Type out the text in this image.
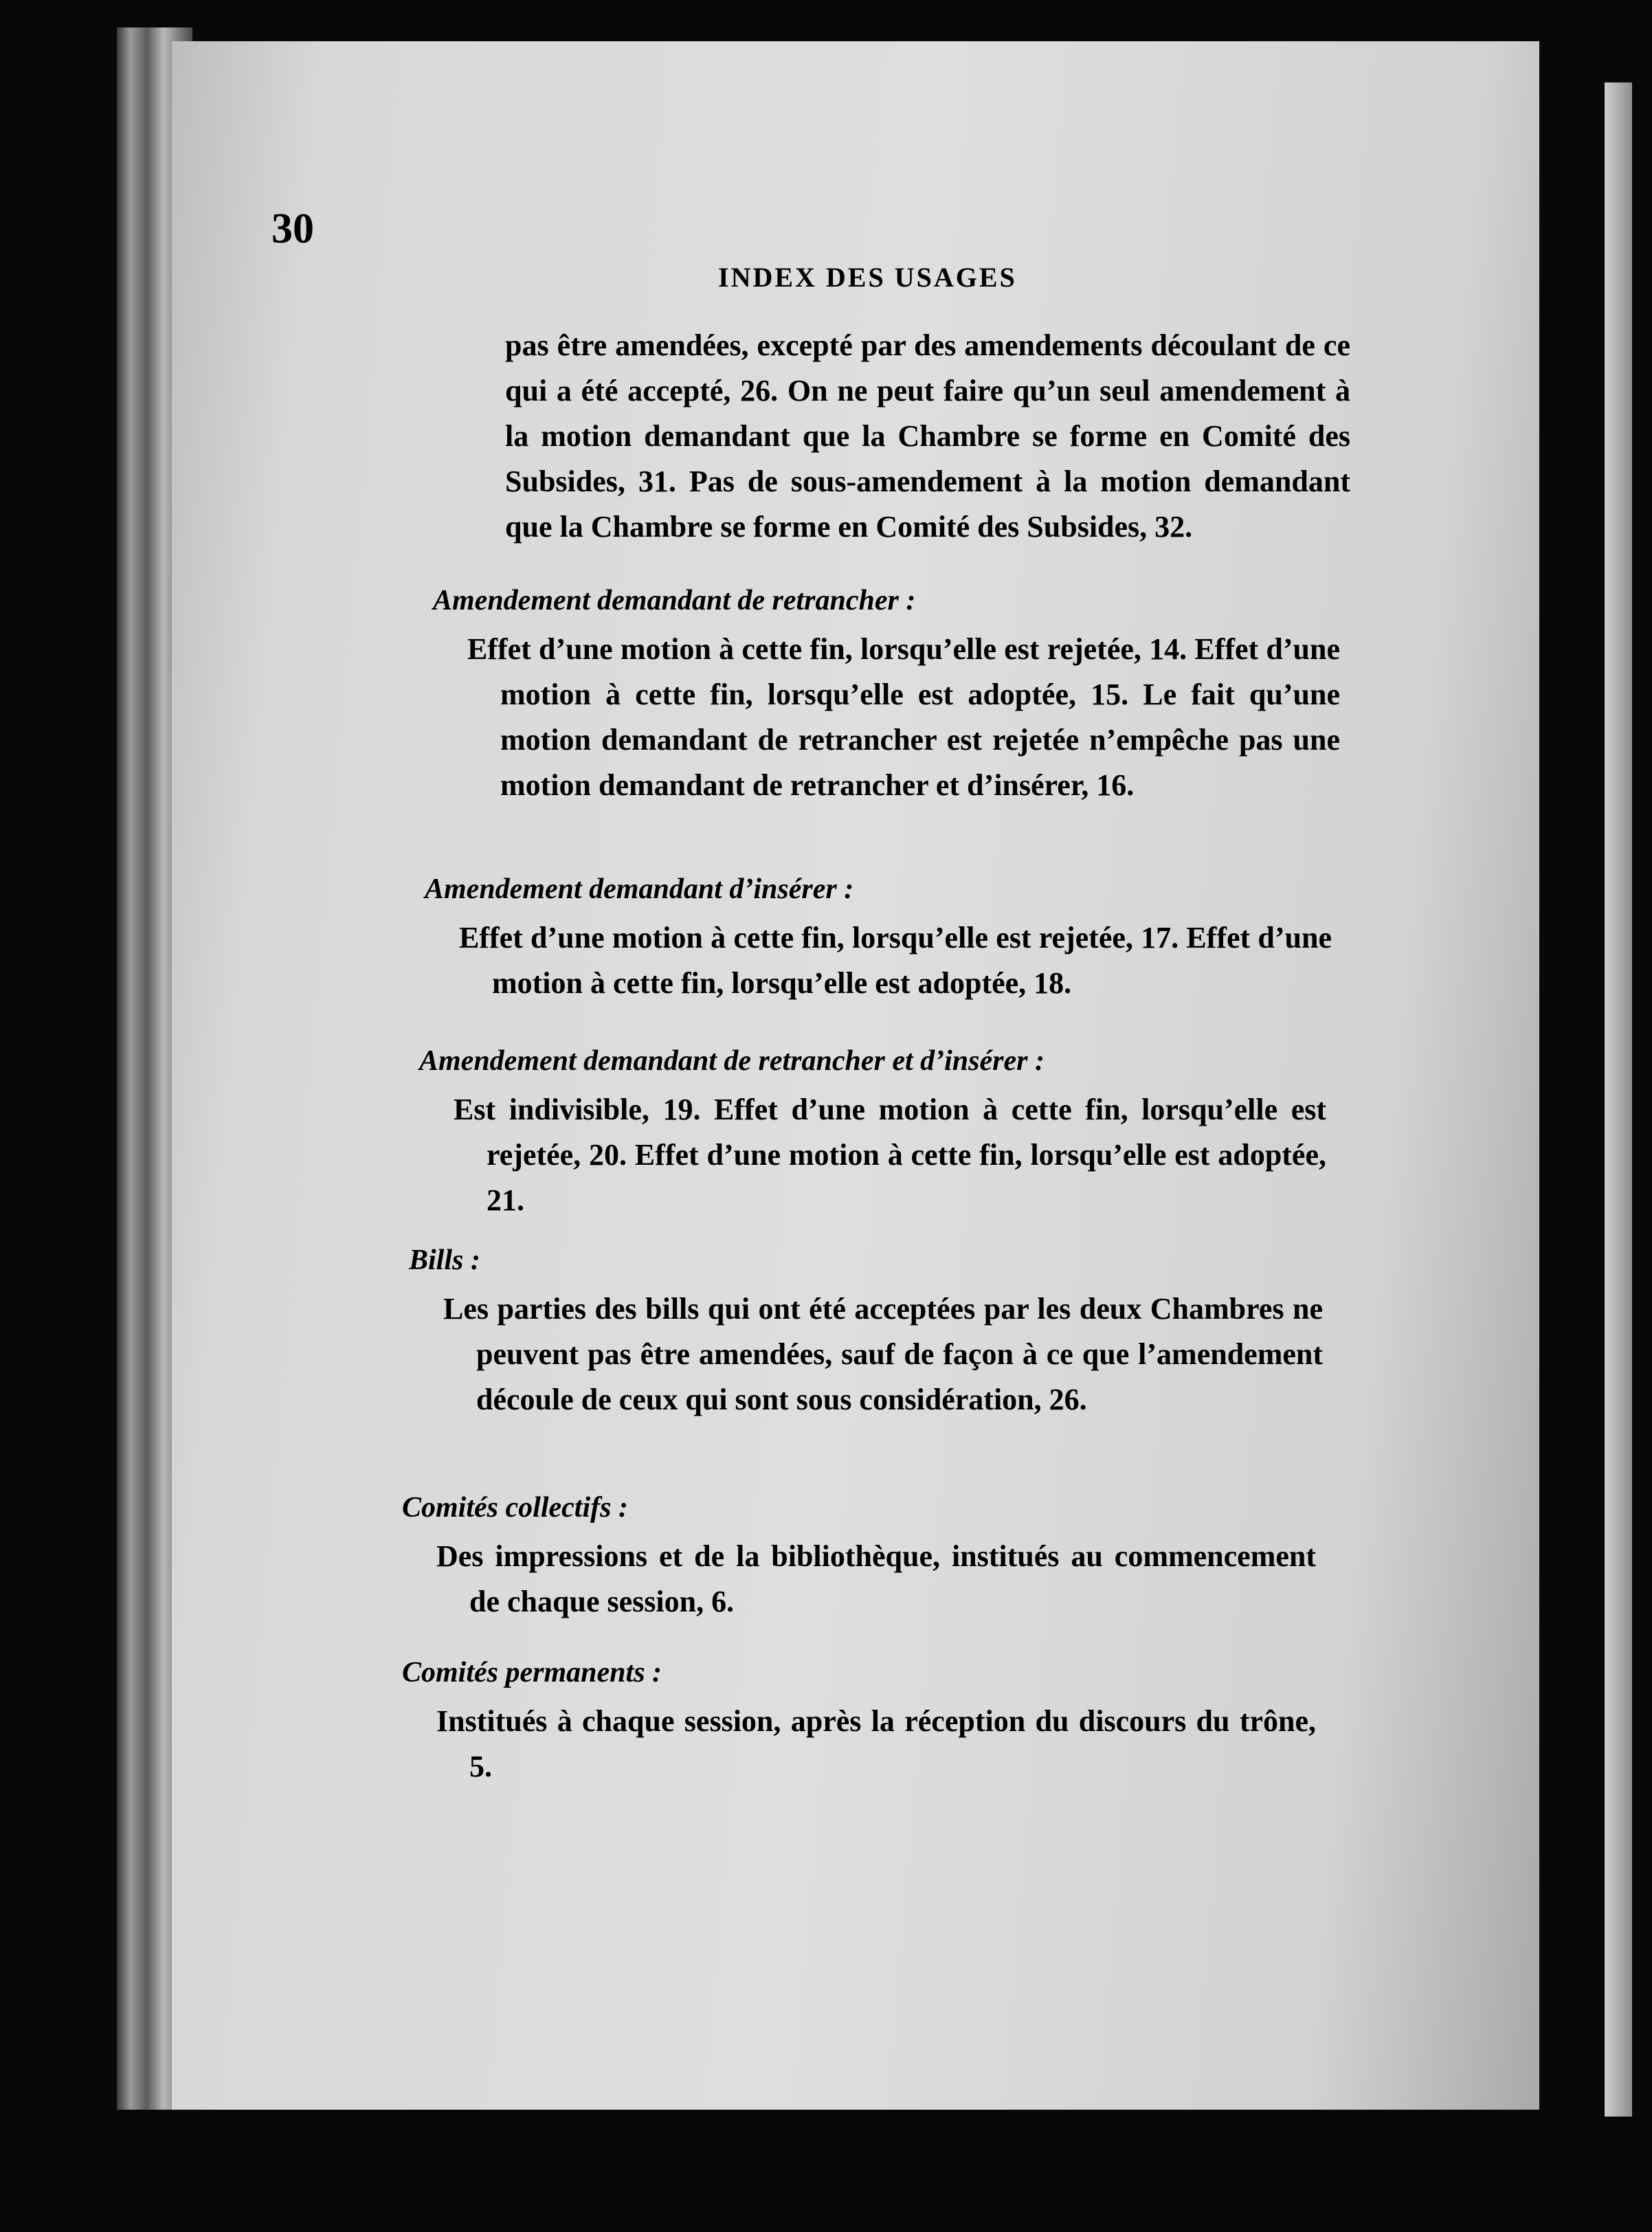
30
INDEX DES USAGES

pas être amendées, excepté par des amendements découlant de ce qui a été accepté, 26. On ne peut faire qu’un seul amendement à la motion demandant que la Chambre se forme en Comité des Subsides, 31. Pas de sous-amendement à la motion demandant que la Chambre se forme en Comité des Subsides, 32.

Amendement demandant de retrancher :

Effet d’une motion à cette fin, lorsqu’elle est rejetée, 14. Effet d’une motion à cette fin, lorsqu’elle est adoptée, 15. Le fait qu’une motion demandant de retrancher est rejetée n’empêche pas une motion demandant de retrancher et d’insérer, 16.

Amendement demandant d’insérer :

Effet d’une motion à cette fin, lorsqu’elle est rejetée, 17. Effet d’une motion à cette fin, lorsqu’elle est adoptée, 18.

Amendement demandant de retrancher et d’insérer :

Est indivisible, 19. Effet d’une motion à cette fin, lorsqu’elle est rejetée, 20. Effet d’une motion à cette fin, lorsqu’elle est adoptée, 21.

Bills :

Les parties des bills qui ont été acceptées par les deux Chambres ne peuvent pas être amendées, sauf de façon à ce que l’amendement découle de ceux qui sont sous considération, 26.

Comités collectifs :

Des impressions et de la bibliothèque, institués au commencement de chaque session, 6.

Comités permanents :

Institués à chaque session, après la réception du discours du trône, 5.
